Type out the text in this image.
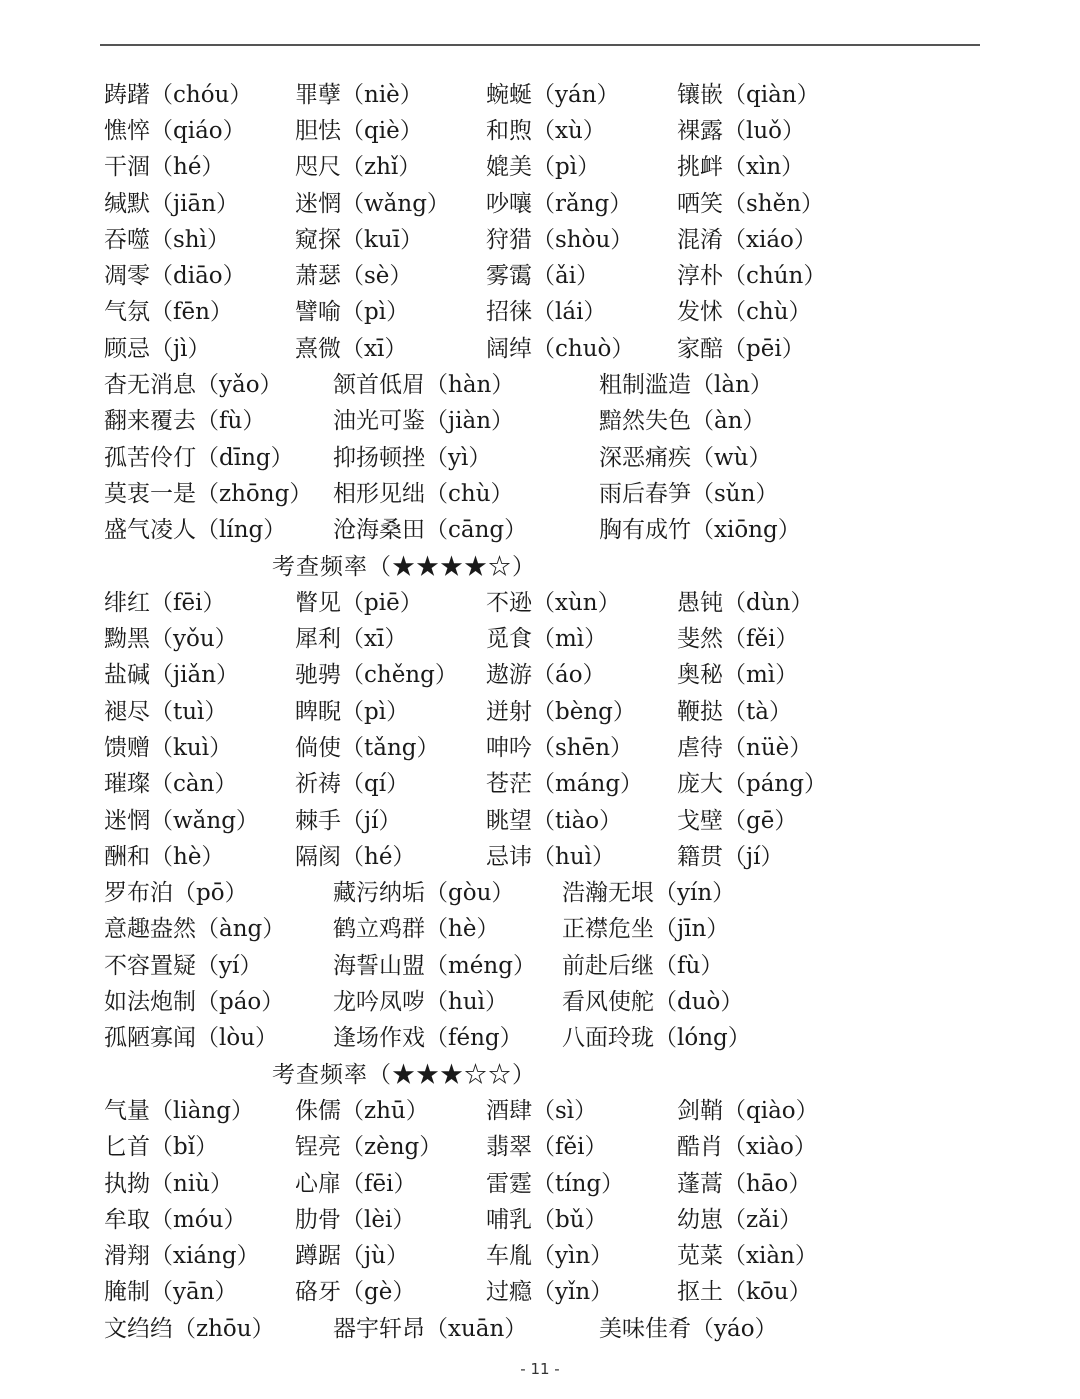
踌躇（chóu）	罪孽（niè）	蜿蜒（yán）	镶嵌（qiàn）
憔悴（qiáo）	胆怯（qiè）	和煦（xù）	裸露（luǒ）
干涸（hé）	咫尺（zhǐ）	媲美（pì）	挑衅（xìn）
缄默（jiān）	迷惘（wǎng）	吵嚷（rǎng）	哂笑（shěn）
吞噬（shì）	窥探（kuī）	狩猎（shòu）	混淆（xiáo）
凋零（diāo）	萧瑟（sè）	雾霭（ǎi）	淳朴（chún）
气氛（fēn）	譬喻（pì）	招徕（lái）	发怵（chù）
顾忌（jì）	熹微（xī）	阔绰（chuò）	家醅（pēi）
杳无消息（yǎo）	颔首低眉（hàn）	粗制滥造（làn）
翻来覆去（fù）	油光可鉴（jiàn）	黯然失色（àn）
孤苦伶仃（dīng）	抑扬顿挫（yì）	深恶痛疾（wù）
莫衷一是（zhōng） 相形见绌（chù）	雨后春笋（sǔn）
盛气凌人（líng）	沧海桑田（cāng）	胸有成竹（xiōng）
考查频率（★★★★☆）
绯红（fēi）	瞥见（piē）	不逊（xùn）	愚钝（dùn）
黝黑（yǒu）	犀利（xī）	觅食（mì）	斐然（fěi）
盐碱（jiǎn）	驰骋（chěng）	遨游（áo）	奥秘（mì）
褪尽（tuì）	睥睨（pì）	迸射（bèng）	鞭挞（tà）
馈赠（kuì）	倘使（tǎng）	呻吟（shēn）	虐待（nüè）
璀璨（càn）	祈祷（qí）	苍茫（máng）	庞大（páng）
迷惘（wǎng）	棘手（jí）	眺望（tiào）	戈壁（gē）
酬和（hè）	隔阂（hé）	忌讳（huì）	籍贯（jí）
罗布泊（pō）	藏污纳垢（gòu）	浩瀚无垠（yín）
意趣盎然（àng）	鹤立鸡群（hè）	正襟危坐（jīn）
不容置疑（yí）	海誓山盟（méng）	前赴后继（fù）
如法炮制（páo）	龙吟凤哕（huì）	看风使舵（duò）
孤陋寡闻（lòu）	逢场作戏（féng）	八面玲珑（lóng）
考查频率（★★★☆☆）
气量（liàng）	侏儒（zhū）	酒肆（sì）	剑鞘（qiào）
匕首（bǐ）	锃亮（zèng）	翡翠（fěi）	酷肖（xiào）
执拗（niù）	心扉（fēi）	雷霆（tíng）	蓬蒿（hāo）
牟取（móu）	肋骨（lèi）	哺乳（bǔ）	幼崽（zǎi）
滑翔（xiáng）	蹲踞（jù）	车胤（yìn）	苋菜（xiàn）
腌制（yān）	硌牙（gè）	过瘾（yǐn）	抠土（kōu）
文绉绉（zhōu）	器宇轩昂（xuān）	美味佳肴（yáo）
- 11 -
